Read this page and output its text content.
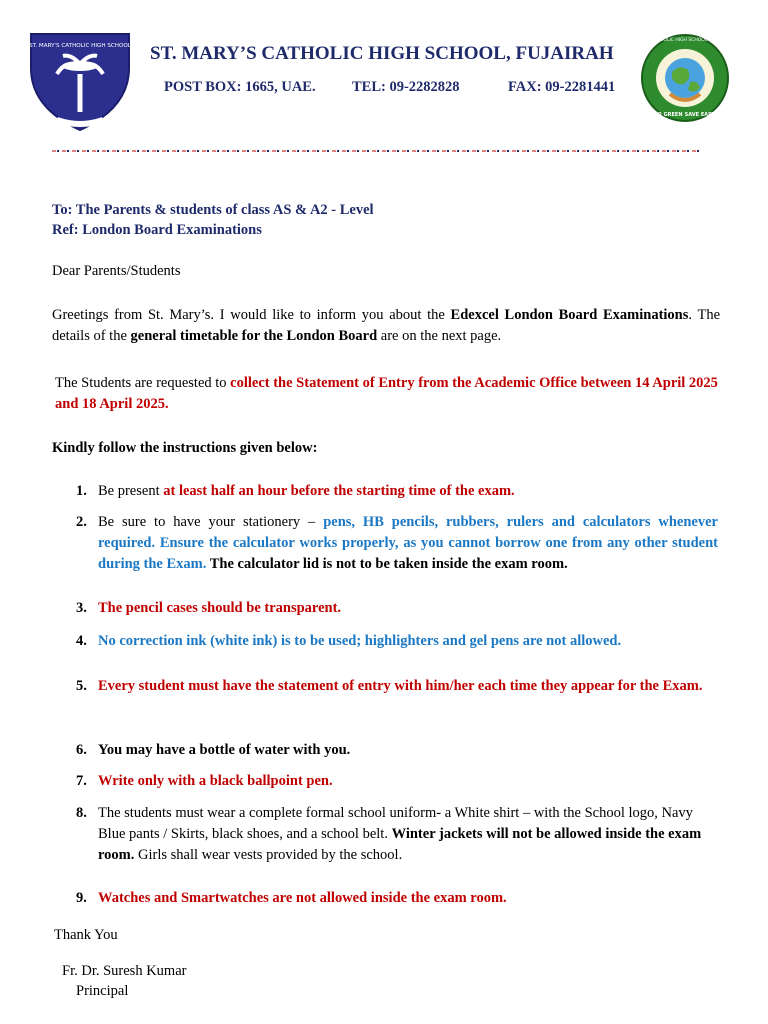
ST. MARY'S CATHOLIC HIGH SCHOOL ST. MARY’S CATHOLIC HIGH SCHOOL, FUJAIRAH
POST BOX: 1665, UAE.	TEL: 09-2282828	FAX: 09-2281441
ST. MARY'S CATHOLIC HIGH SCHOOL FUJAIRAH U.A.E.
GO GREEN SAVE EARTH
To: The Parents & students of class AS & A2 - Level
Ref: London Board Examinations
Dear Parents/Students
Greetings from St. Mary’s. I would like to inform you about the Edexcel London Board Examinations. The details of the general timetable for the London Board are on the next page.
The Students are requested to collect the Statement of Entry from the Academic Office between 14 April 2025 and 18 April 2025.
Kindly follow the instructions given below:
1. Be present at least half an hour before the starting time of the exam.
2. Be sure to have your stationery – pens, HB pencils, rubbers, rulers and calculators whenever required. Ensure the calculator works properly, as you cannot borrow one from any other student during the Exam. The calculator lid is not to be taken inside the exam room.
3. The pencil cases should be transparent.
4. No correction ink (white ink) is to be used; highlighters and gel pens are not allowed.
5. Every student must have the statement of entry with him/her each time they appear for the Exam.
6. You may have a bottle of water with you.
7. Write only with a black ballpoint pen.
8. The students must wear a complete formal school uniform- a White shirt – with the School logo, Navy Blue pants / Skirts, black shoes, and a school belt. Winter jackets will not be allowed inside the exam room. Girls shall wear vests provided by the school.
9. Watches and Smartwatches are not allowed inside the exam room.
Thank You
Fr. Dr. Suresh Kumar
Principal
